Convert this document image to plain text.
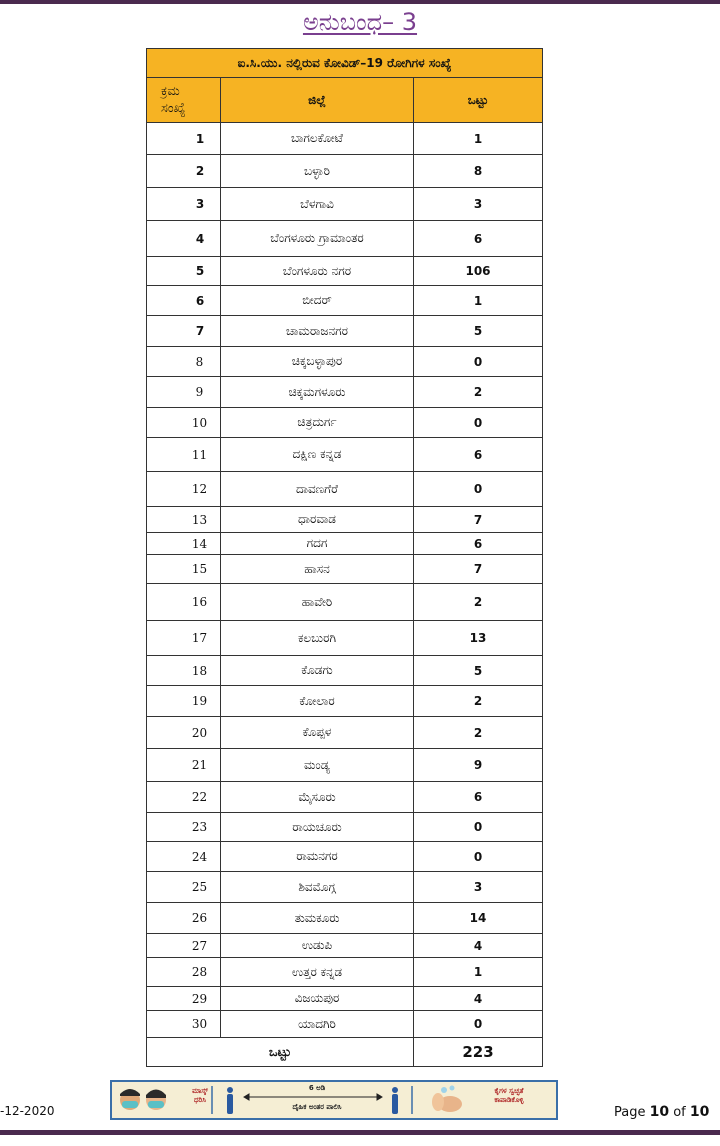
ಅನುಬಂಧ– 3
ಐ.ಸಿ.ಯು. ನಲ್ಲಿರುವ ಕೋವಿಡ್–19 ರೋಗಿಗಳ ಸಂಖ್ಯೆ		
ಕ್ರಮ
ಸಂಖ್ಯೆ	ಜಿಲ್ಲೆ	ಒಟ್ಟು
1	ಬಾಗಲಕೋಟೆ	1
2	ಬಳ್ಳಾರಿ	8
3	ಬೆಳಗಾವಿ	3
4	ಬೆಂಗಳೂರು ಗ್ರಾಮಾಂತರ	6
5	ಬೆಂಗಳೂರು ನಗರ	106
6	ಬೀದರ್	1
7	ಚಾಮರಾಜನಗರ	5
8	ಚಿಕ್ಕಬಳ್ಳಾಪುರ	0
9	ಚಿಕ್ಕಮಗಳೂರು	2
10	ಚಿತ್ರದುರ್ಗ	0
11	ದಕ್ಷಿಣ ಕನ್ನಡ	6
12	ದಾವಣಗೆರೆ	0
13	ಧಾರವಾಡ	7
14	ಗದಗ	6
15	ಹಾಸನ	7
16	ಹಾವೇರಿ	2
17	ಕಲಬುರಗಿ	13
18	ಕೊಡಗು	5
19	ಕೋಲಾರ	2
20	ಕೊಪ್ಪಳ	2
21	ಮಂಡ್ಯ	9
22	ಮೈಸೂರು	6
23	ರಾಯಚೂರು	0
24	ರಾಮನಗರ	0
25	ಶಿವಮೊಗ್ಗ	3
26	ತುಮಕೂರು	14
27	ಉಡುಪಿ	4
28	ಉತ್ತರ ಕನ್ನಡ	1
29	ವಿಜಯಪುರ	4
30	ಯಾದಗಿರಿ	0
ಒಟ್ಟು		223
-12-2020
ಮಾಸ್ಕ್
ಧರಿಸಿ
6 ಅಡಿ
ದೈಹಿಕ ಅಂತರ ಪಾಲಿಸಿ
ಕೈಗಳ ಸ್ವಚ್ಛತೆ
ಕಾಪಾಡಿಕೊಳ್ಳಿ
Page 10 of 10
